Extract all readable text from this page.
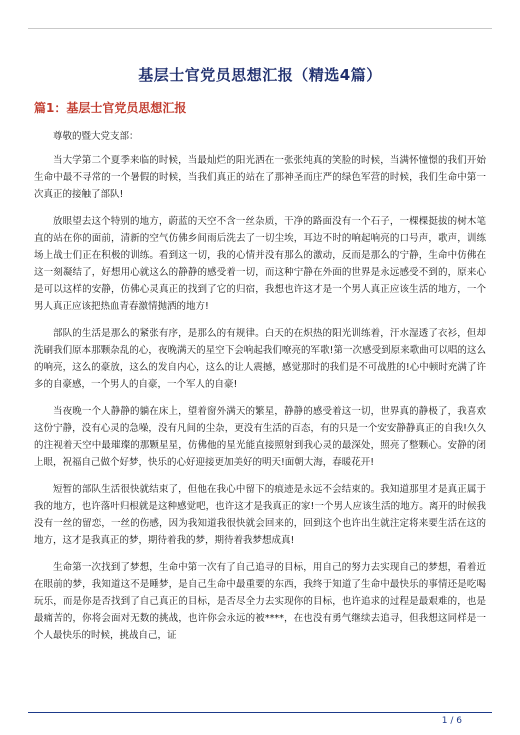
基层士官党员思想汇报（精选4篇）
篇1：基层士官党员思想汇报

尊敬的暨大党支部：

当大学第二个夏季来临的时候，当最灿烂的阳光洒在一张张纯真的笑脸的时候，当满怀憧憬的我们开始生命中最不寻常的一个暑假的时候，当我们真正的站在了那神圣而庄严的绿色军营的时候，我们生命中第一次真正的接触了部队!

放眼望去这个特别的地方，蔚蓝的天空不含一丝杂质，干净的路面没有一个石子，一棵棵挺拔的树木笔直的站在你的面前，清新的空气仿佛乡间雨后洗去了一切尘埃，耳边不时的响起响亮的口号声，歌声，训练场上战士们正在积极的训练。看到这一切，我的心情并没有那么的激动，反而是那么的宁静，生命中仿佛在这一刻凝结了，好想用心就这么的静静的感受着一切，而这种宁静在外面的世界是永远感受不到的，原来心是可以这样的安静，仿佛心灵真正的找到了它的归宿，我想也许这才是一个男人真正应该生活的地方，一个男人真正应该把热血青春激情抛洒的地方!

部队的生活是那么的紧张有序，是那么的有规律。白天的在炽热的阳光训练着，汗水湿透了衣衫，但却洗刷我们原本那颗杂乱的心，夜晚满天的星空下会响起我们嘹亮的军歌!第一次感受到原来歌曲可以唱的这么的响亮，这么的豪放，这么的发自内心，这么的让人震撼，感觉那时的我们是不可战胜的!心中顿时充满了许多的自豪感，一个男人的自豪，一个军人的自豪!

当夜晚一个人静静的躺在床上，望着窗外满天的繁星，静静的感受着这一切，世界真的静极了，我喜欢这份宁静，没有心灵的急噪，没有凡间的尘杂，更没有生活的百态，有的只是一个安安静静真正的自我!久久的注视着天空中最璀璨的那颗星星，仿佛他的星光能直接照射到我心灵的最深处，照亮了整颗心。安静的闭上眼，祝福自己做个好梦，快乐的心好迎接更加美好的明天!面朝大海，春暖花开!

短暂的部队生活很快就结束了，但他在我心中留下的痕迹是永远不会结束的。我知道那里才是真正属于我的地方，也许落叶归根就是这种感觉吧，也许这才是我真正的家!一个男人应该生活的地方。离开的时候我没有一丝的留恋，一丝的伤感，因为我知道我很快就会回来的，回到这个也许出生就注定将来要生活在这的地方，这才是我真正的梦，期待着我的梦，期待着我梦想成真!

生命第一次找到了梦想，生命中第一次有了自己追寻的目标，用自己的努力去实现自己的梦想，看着近在眼前的梦，我知道这不是睡梦，是自己生命中最重要的东西，我终于知道了生命中最快乐的事情还是吃喝玩乐，而是你是否找到了自己真正的目标，是否尽全力去实现你的目标，也许追求的过程是最艰难的，也是最痛苦的，你将会面对无数的挑战，也许你会永远的被****，在也没有勇气继续去追寻，但我想这同样是一个人最快乐的时候，挑战自己，证

1 / 6
